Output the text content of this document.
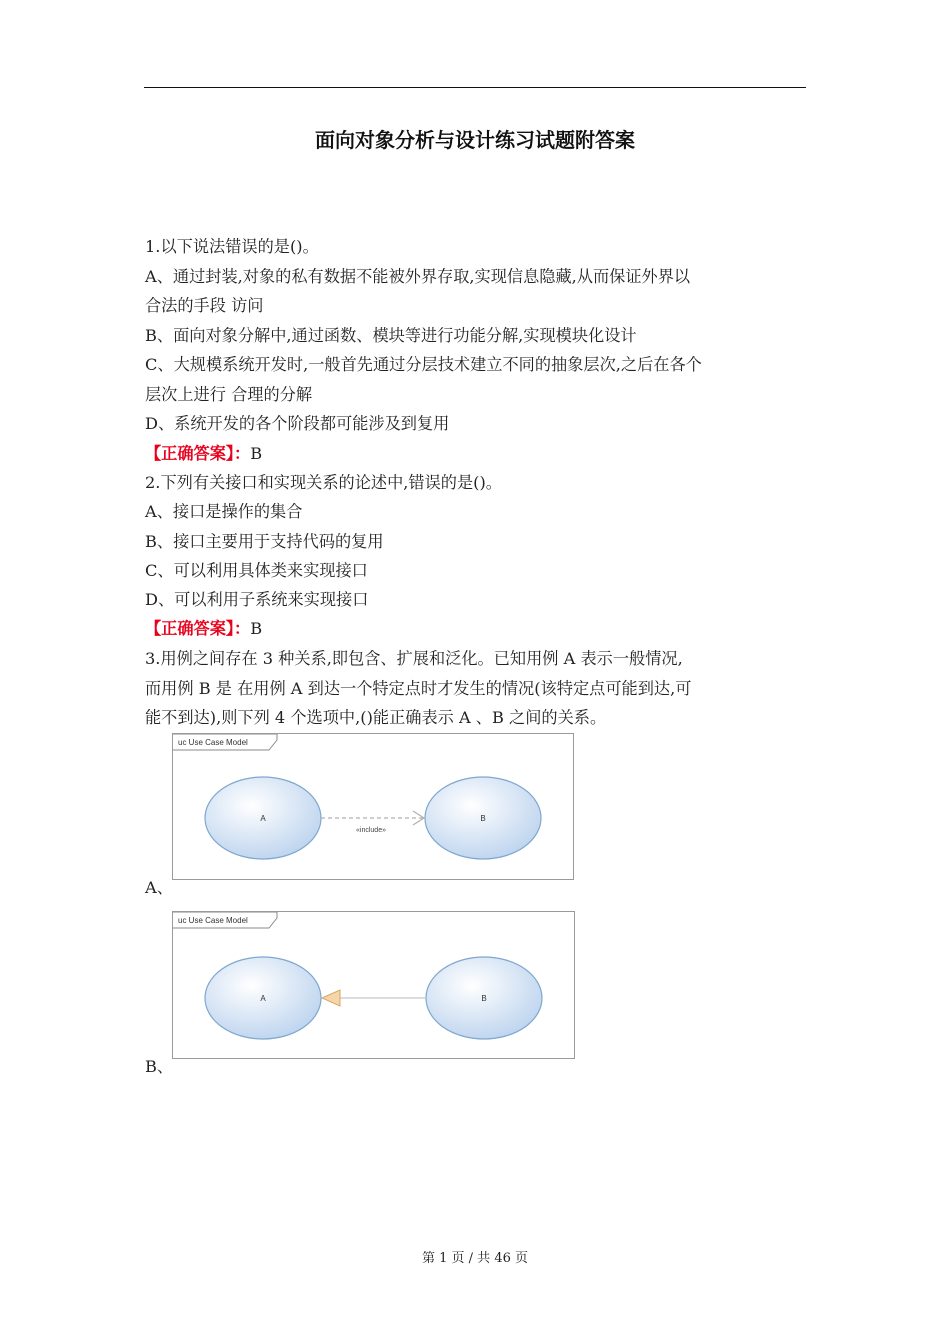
面向对象分析与设计练习试题附答案
1.以下说法错误的是()。
A、通过封装,对象的私有数据不能被外界存取,实现信息隐藏,从而保证外界以
合法的手段 访问
B、面向对象分解中,通过函数、模块等进行功能分解,实现模块化设计
C、大规模系统开发时,一般首先通过分层技术建立不同的抽象层次,之后在各个
层次上进行 合理的分解
D、系统开发的各个阶段都可能涉及到复用
【正确答案】：B
2.下列有关接口和实现关系的论述中,错误的是()。
A、接口是操作的集合
B、接口主要用于支持代码的复用
C、可以利用具体类来实现接口
D、可以利用子系统来实现接口
【正确答案】：B
3.用例之间存在 3 种关系,即包含、扩展和泛化。已知用例 A 表示一般情况,
而用例 B 是 在用例 A 到达一个特定点时才发生的情况(该特定点可能到达,可
能不到达),则下列 4 个选项中,()能正确表示 A 、B 之间的关系。
uc Use Case Model
A	B
«include»
A、
uc Use Case Model
A	B
B、
第 1 页 / 共 46 页
